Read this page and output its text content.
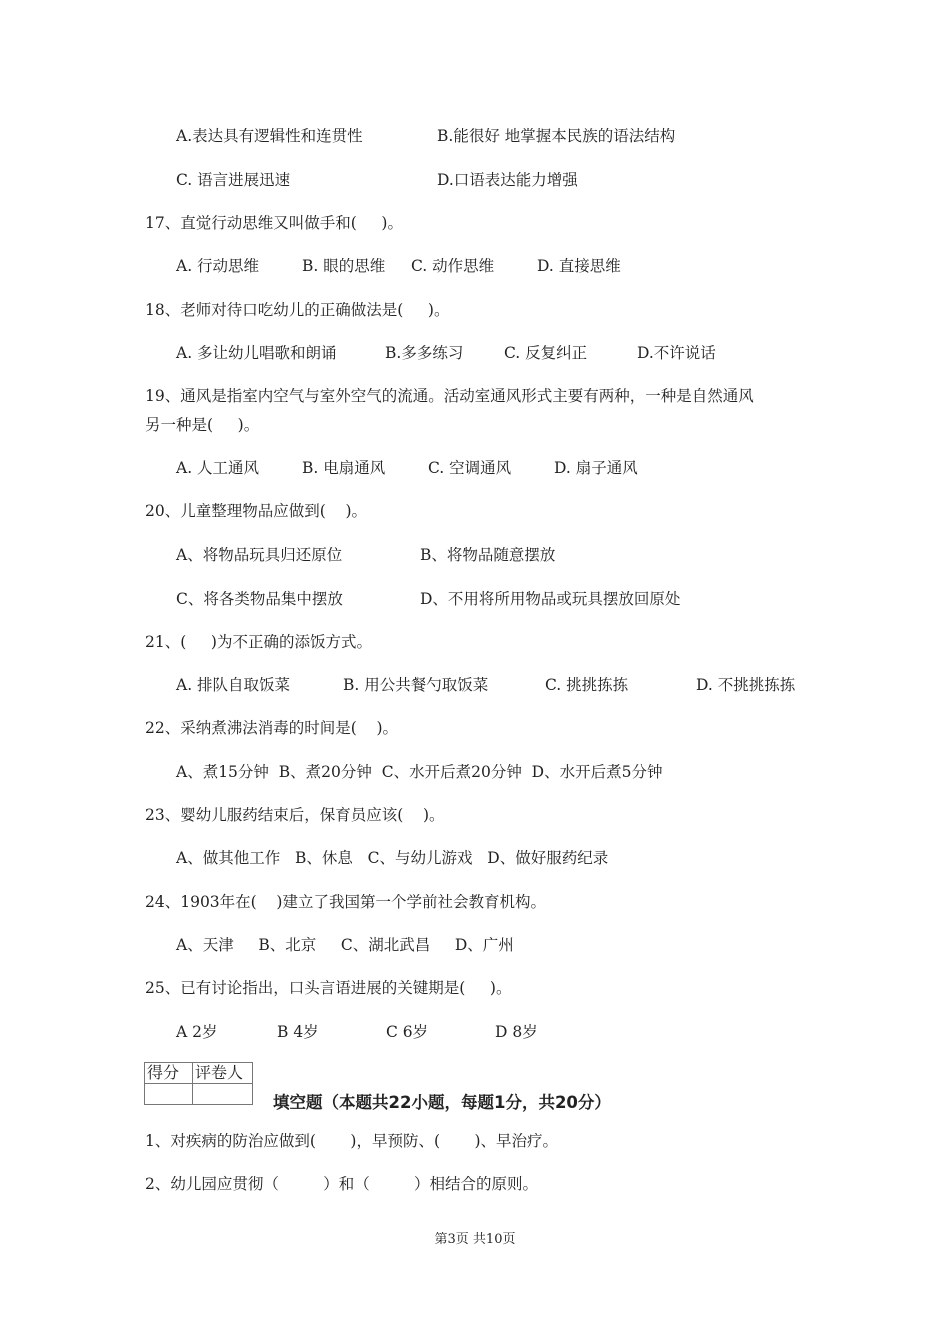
A.表达具有逻辑性和连贯性	B.能很好 地掌握本民族的语法结构
C. 语言进展迅速	D.口语表达能力增强
17、直觉行动思维又叫做手和(     )。
A. 行动思维	B. 眼的思维 C. 动作思维	D. 直接思维
18、老师对待口吃幼儿的正确做法是(     )。
A. 多让幼儿唱歌和朗诵	B.多多练习	C. 反复纠正	D.不许说话
19、通风是指室内空气与室外空气的流通。活动室通风形式主要有两种，一种是自然通风
另一种是(     )。
A. 人工通风	B. 电扇通风	C. 空调通风	D. 扇子通风
20、儿童整理物品应做到(    )。
A、将物品玩具归还原位	B、将物品随意摆放
C、将各类物品集中摆放	D、不用将所用物品或玩具摆放回原处
21、(     )为不正确的添饭方式。
A. 排队自取饭菜	B. 用公共餐勺取饭菜	C. 挑挑拣拣	D. 不挑挑拣拣
22、采纳煮沸法消毒的时间是(    )。
A、煮15分钟  B、煮20分钟  C、水开后煮20分钟  D、水开后煮5分钟
23、婴幼儿服药结束后，保育员应该(    )。
A、做其他工作   B、休息   C、与幼儿游戏   D、做好服药纪录
24、1903年在(    )建立了我国第一个学前社会教育机构。
A、天津     B、北京     C、湖北武昌     D、广州
25、已有讨论指出，口头言语进展的关键期是(     )。
A 2岁	B 4岁	C 6岁	D 8岁
得分	评卷人

填空题（本题共22小题，每题1分，共20分）
1、对疾病的防治应做到(       )，早预防、(       )、早治疗。
2、幼儿园应贯彻（         ）和（         ）相结合的原则。
第3页 共10页
